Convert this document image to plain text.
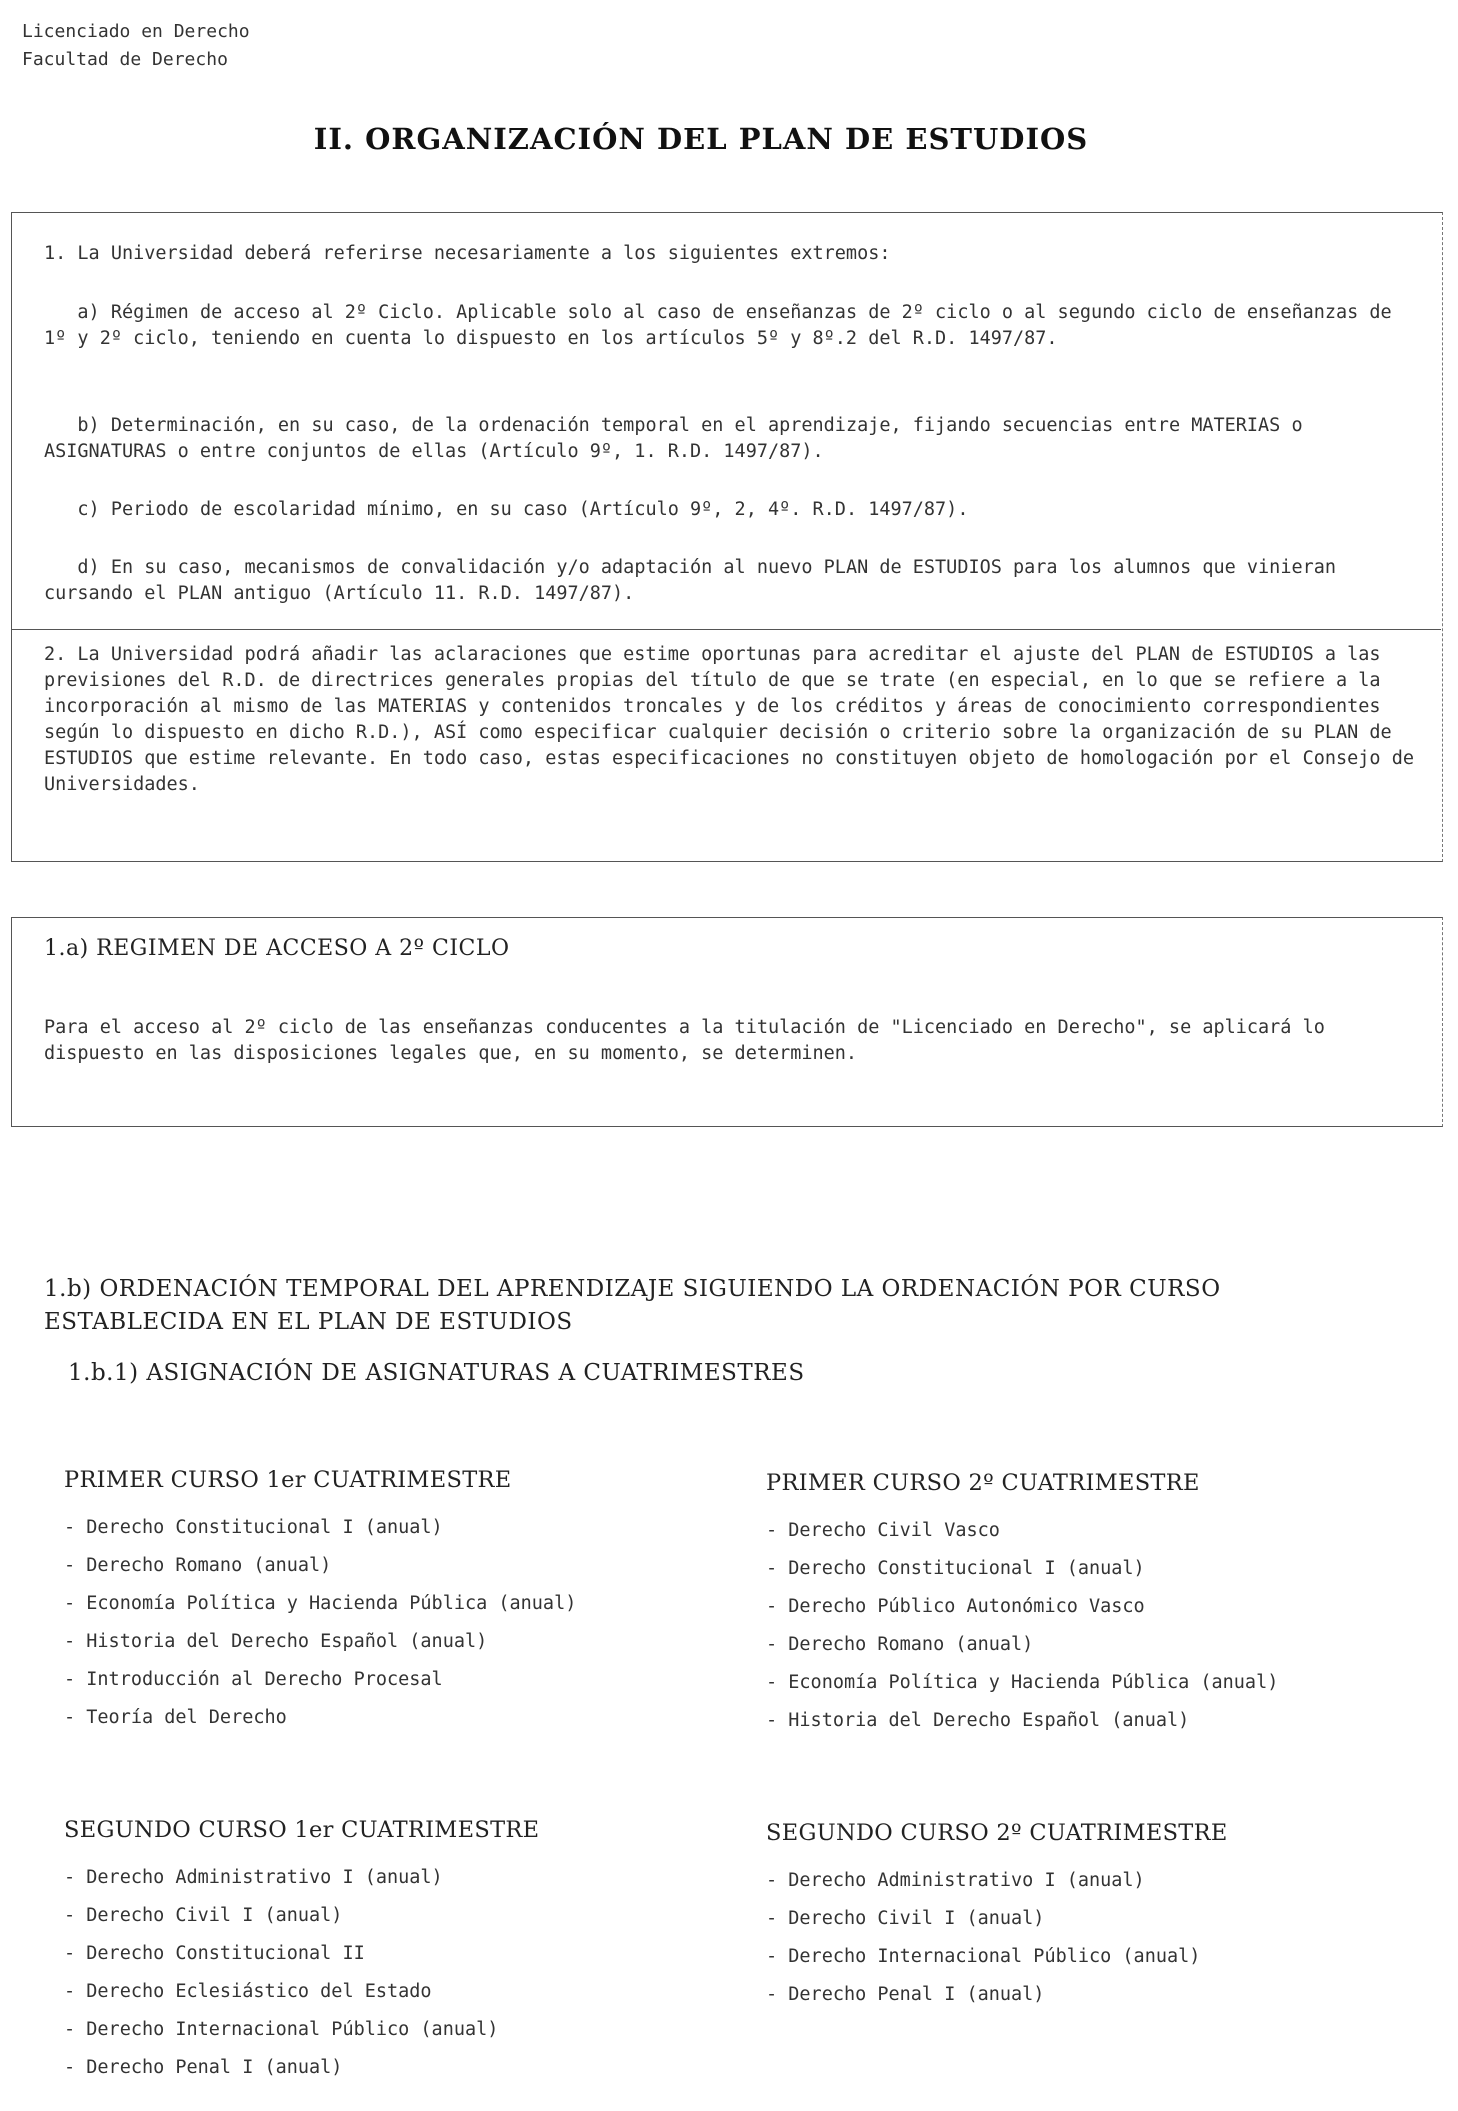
Licenciado en Derecho
Facultad de Derecho
II. ORGANIZACIÓN DEL PLAN DE ESTUDIOS
1. La Universidad deberá referirse necesariamente a los siguientes extremos:
a) Régimen de acceso al 2º Ciclo. Aplicable solo al caso de enseñanzas de 2º ciclo o al segundo ciclo de enseñanzas de 1º y 2º ciclo, teniendo en cuenta lo dispuesto en los artículos 5º y 8º.2 del R.D. 1497/87.
b) Determinación, en su caso, de la ordenación temporal en el aprendizaje, fijando secuencias entre MATERIAS o ASIGNATURAS o entre conjuntos de ellas (Artículo 9º, 1. R.D. 1497/87).
c) Periodo de escolaridad mínimo, en su caso (Artículo 9º, 2, 4º. R.D. 1497/87).
d) En su caso, mecanismos de convalidación y/o adaptación al nuevo PLAN de ESTUDIOS para los alumnos que vinieran cursando el PLAN antiguo (Artículo 11. R.D. 1497/87).
2. La Universidad podrá añadir las aclaraciones que estime oportunas para acreditar el ajuste del PLAN de ESTUDIOS a las previsiones del R.D. de directrices generales propias del título de que se trate (en especial, en lo que se refiere a la incorporación al mismo de las MATERIAS y contenidos troncales y de los créditos y áreas de conocimiento correspondientes según lo dispuesto en dicho R.D.), ASÍ como especificar cualquier decisión o criterio sobre la organización de su PLAN de ESTUDIOS que estime relevante. En todo caso, estas especificaciones no constituyen objeto de homologación por el Consejo de Universidades.
1.a) REGIMEN DE ACCESO A 2º CICLO
Para el acceso al 2º ciclo de las enseñanzas conducentes a la titulación de "Licenciado en Derecho", se aplicará lo dispuesto en las disposiciones legales que, en su momento, se determinen.
1.b) ORDENACIÓN TEMPORAL DEL APRENDIZAJE SIGUIENDO LA ORDENACIÓN POR CURSO ESTABLECIDA EN EL PLAN DE ESTUDIOS
1.b.1) ASIGNACIÓN DE ASIGNATURAS A CUATRIMESTRES
PRIMER CURSO 1er CUATRIMESTRE
- Derecho Constitucional I (anual)
- Derecho Romano (anual)
- Economía Política y Hacienda Pública (anual)
- Historia del Derecho Español (anual)
- Introducción al Derecho Procesal
- Teoría del Derecho
PRIMER CURSO 2º CUATRIMESTRE
- Derecho Civil Vasco
- Derecho Constitucional I (anual)
- Derecho Público Autonómico Vasco
- Derecho Romano (anual)
- Economía Política y Hacienda Pública (anual)
- Historia del Derecho Español (anual)
SEGUNDO CURSO 1er CUATRIMESTRE
- Derecho Administrativo I (anual)
- Derecho Civil I (anual)
- Derecho Constitucional II
- Derecho Eclesiástico del Estado
- Derecho Internacional Público (anual)
- Derecho Penal I (anual)
SEGUNDO CURSO 2º CUATRIMESTRE
- Derecho Administrativo I (anual)
- Derecho Civil I (anual)
- Derecho Internacional Público (anual)
- Derecho Penal I (anual)
